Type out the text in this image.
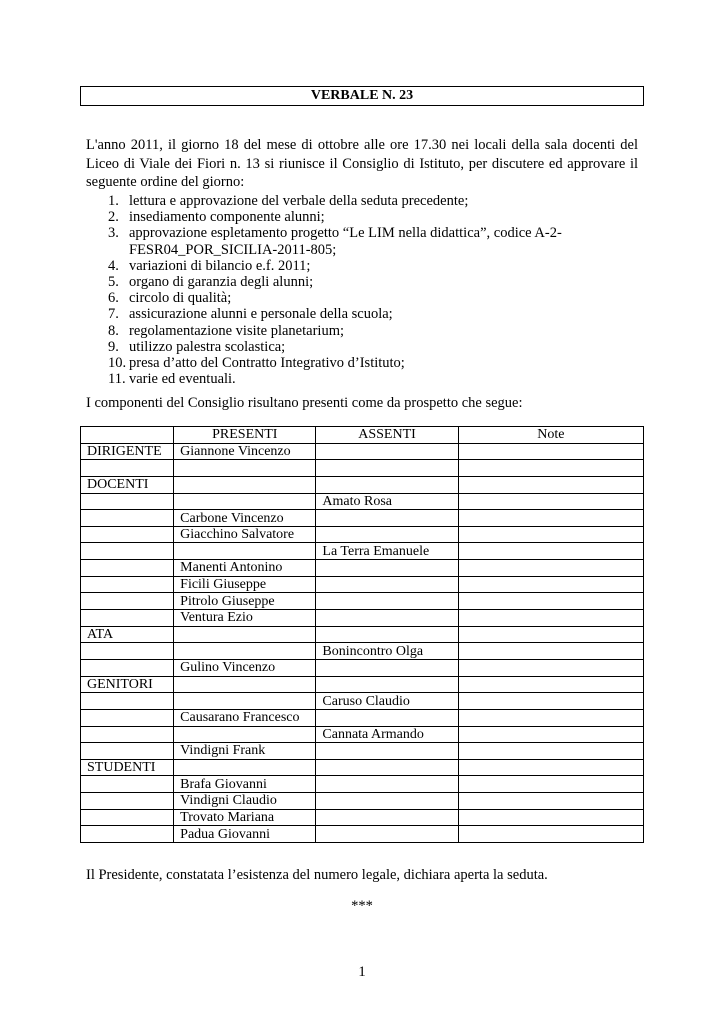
VERBALE N. 23
L'anno 2011, il giorno 18 del mese di ottobre alle ore 17.30 nei locali della sala docenti del Liceo di Viale dei Fiori n. 13 si riunisce il Consiglio di Istituto, per discutere ed approvare il seguente ordine del giorno:
1. lettura e approvazione del verbale della seduta precedente;
2. insediamento componente alunni;
3. approvazione espletamento progetto “Le LIM nella didattica”, codice A-2-FESR04_POR_SICILIA-2011-805;
4. variazioni di bilancio e.f. 2011;
5. organo di garanzia degli alunni;
6. circolo di qualità;
7. assicurazione alunni e personale della scuola;
8. regolamentazione visite planetarium;
9. utilizzo palestra scolastica;
10. presa d’atto del Contratto Integrativo d’Istituto;
11. varie ed eventuali.
I componenti del Consiglio risultano presenti come da prospetto che segue:
	PRESENTI	ASSENTI	Note
DIRIGENTE	Giannone Vincenzo		

DOCENTI			
		Amato Rosa	
	Carbone Vincenzo		
	Giacchino Salvatore		
		La Terra Emanuele	
	Manenti Antonino		
	Ficili Giuseppe		
	Pitrolo Giuseppe		
	Ventura Ezio		
ATA			
		Bonincontro Olga	
	Gulino Vincenzo		
GENITORI			
		Caruso Claudio	
	Causarano Francesco		
		Cannata Armando	
	Vindigni Frank		
STUDENTI			
	Brafa Giovanni		
	Vindigni Claudio		
	Trovato Mariana		
	Padua Giovanni		
Il Presidente, constatata l’esistenza del numero legale, dichiara aperta la seduta.
***
1
